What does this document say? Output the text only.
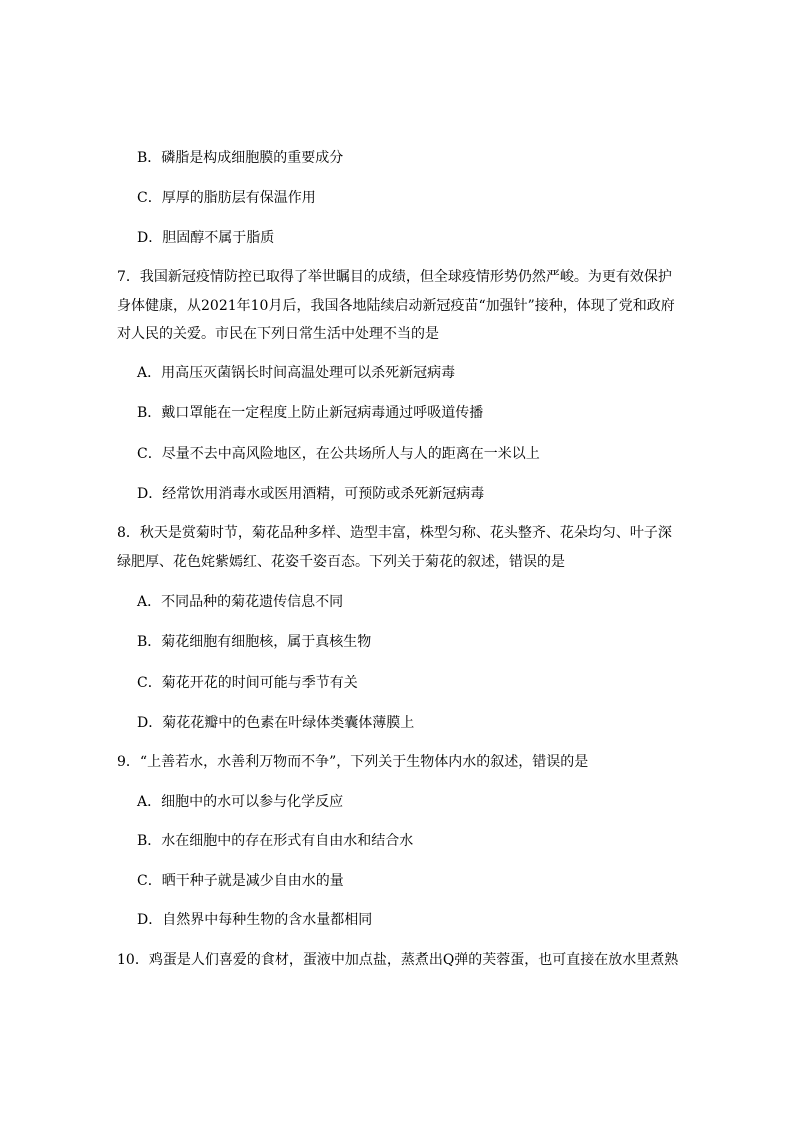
B．磷脂是构成细胞膜的重要成分
C．厚厚的脂肪层有保温作用
D．胆固醇不属于脂质
7．我国新冠疫情防控已取得了举世瞩目的成绩，但全球疫情形势仍然严峻。为更有效保护
身体健康，从2021年10月后，我国各地陆续启动新冠疫苗“加强针”接种，体现了党和政府
对人民的关爱。市民在下列日常生活中处理不当的是
A．用高压灭菌锅长时间高温处理可以杀死新冠病毒
B．戴口罩能在一定程度上防止新冠病毒通过呼吸道传播
C．尽量不去中高风险地区，在公共场所人与人的距离在一米以上
D．经常饮用消毒水或医用酒精，可预防或杀死新冠病毒
8．秋天是赏菊时节，菊花品种多样、造型丰富，株型匀称、花头整齐、花朵均匀、叶子深
绿肥厚、花色姹紫嫣红、花姿千姿百态。下列关于菊花的叙述，错误的是
A．不同品种的菊花遗传信息不同
B．菊花细胞有细胞核，属于真核生物
C．菊花开花的时间可能与季节有关
D．菊花花瓣中的色素在叶绿体类囊体薄膜上
9．“上善若水，水善利万物而不争”，下列关于生物体内水的叙述，错误的是
A．细胞中的水可以参与化学反应
B．水在细胞中的存在形式有自由水和结合水
C．晒干种子就是减少自由水的量
D．自然界中每种生物的含水量都相同
10．鸡蛋是人们喜爱的食材，蛋液中加点盐，蒸煮出Q弹的芙蓉蛋，也可直接在放水里煮熟
